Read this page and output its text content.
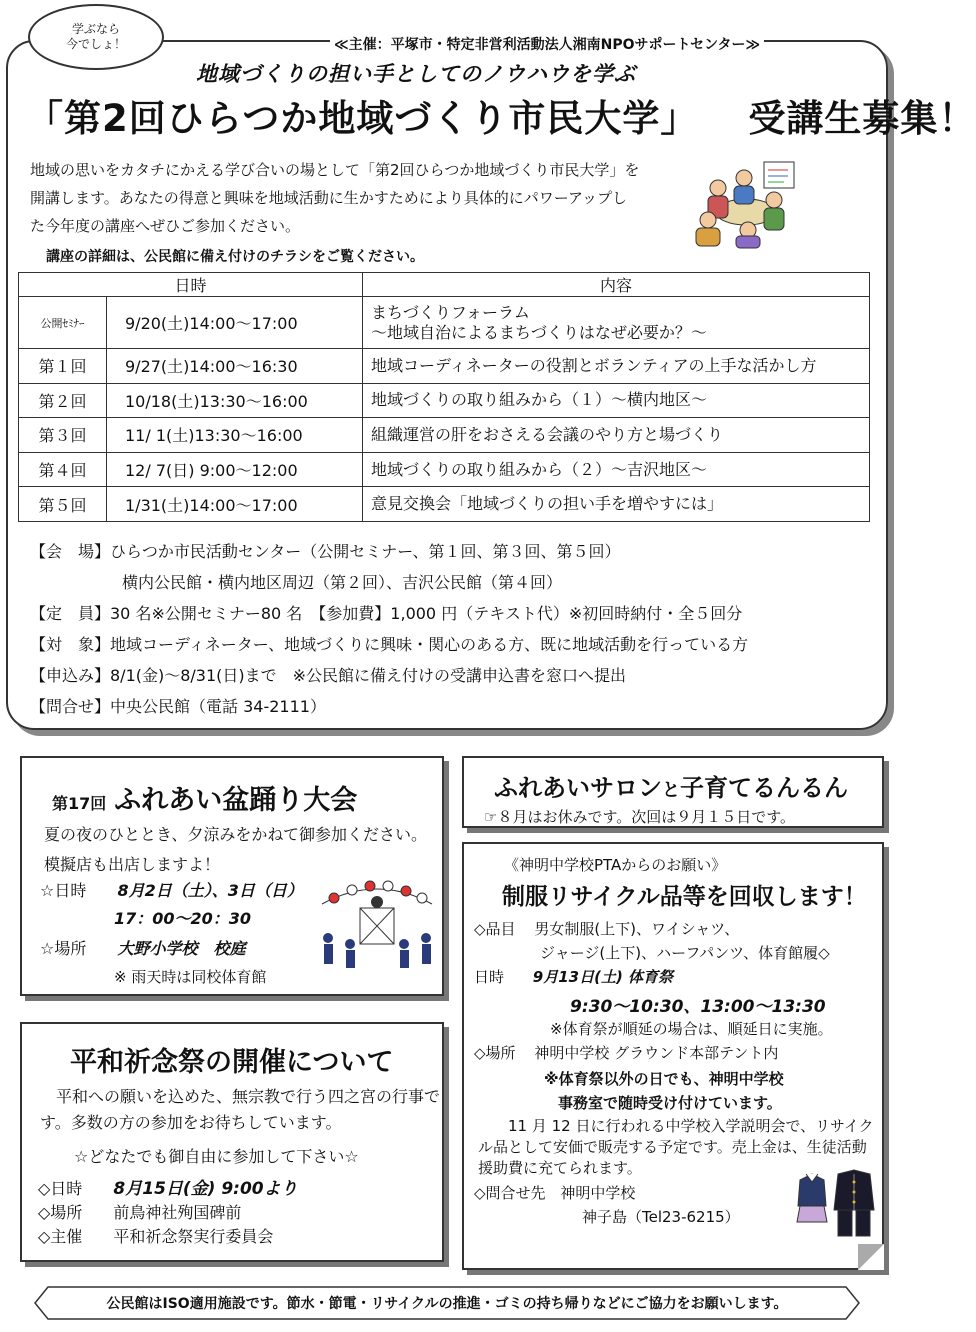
学ぶなら
今でしょ！	≪主催：平塚市・特定非営利活動法人湘南NPOサポートセンター≫
地域づくりの担い手としてのノウハウを学ぶ
「第2回ひらつか地域づくり市民大学」 受講生募集！
地域の思いをカタチにかえる学び合いの場として「第2回ひらつか地域づくり市民大学」を開講します。あなたの得意と興味を地域活動に生かすためにより具体的にパワーアップした今年度の講座へぜひご参加ください。
講座の詳細は、公民館に備え付けのチラシをご覧ください。
日時		内容
公開ｾﾐﾅｰ	9/20(土)14:00～17:00	まちづくりフォーラム
～地域自治によるまちづくりはなぜ必要か？～

第１回	9/27(土)14:00～16:30	地域コーディネーターの役割とボランティアの上手な活かし方
第２回	10/18(土)13:30～16:00	地域づくりの取り組みから（１）～横内地区～
第３回	11/ 1(土)13:30～16:00	組織運営の肝をおさえる会議のやり方と場づくり
第４回	12/ 7(日) 9:00～12:00	地域づくりの取り組みから（２）～吉沢地区～
第５回	1/31(土)14:00～17:00	意見交換会「地域づくりの担い手を増やすには」
【会　場】ひらつか市民活動センター（公開セミナー、第１回、第３回、第５回）
横内公民館・横内地区周辺（第２回）、吉沢公民館（第４回）
【定　員】30 名※公開セミナー80 名　【参加費】1,000 円（テキスト代）※初回時納付・全５回分
【対　象】地域コーディネーター、地域づくりに興味・関心のある方、既に地域活動を行っている方
【申込み】8/1(金)～8/31(日)まで　※公民館に備え付けの受講申込書を窓口へ提出
【問合せ】中央公民館（電話 34-2111）
第17回 ふれあい盆踊り大会
夏の夜のひととき、夕涼みをかねて御参加ください。模擬店も出店しますよ！
☆日時 8月2日（土）、3日（日）
17：00～20：30
☆場所 大野小学校　校庭
※ 雨天時は同校体育館
ふれあいサロンと子育てるんるん
☞８月はお休みです。次回は９月１５日です。
《神明中学校PTAからのお願い》
制服リサイクル品等を回収します！
◇品目 男女制服(上下)、ワイシャツ、
ジャージ(上下)、ハーフパンツ、体育館履◇
日時 9月13日(土) 体育祭
9:30～10:30、13:00～13:30
※体育祭が順延の場合は、順延日に実施。
◇場所 神明中学校 グラウンド本部テント内
※体育祭以外の日でも、神明中学校
事務室で随時受け付けています。
11 月 12 日に行われる中学校入学説明会で、リサイクル品として安価で販売する予定です。売上金は、生徒活動援助費に充てられます。
◇問合せ先 神明中学校
神子島（Tel23-6215）
平和祈念祭の開催について
平和への願いを込めた、無宗教で行う四之宮の行事です。多数の方の参加をお待ちしています。
☆どなたでも御自由に参加して下さい☆
◇日時 8月15日(金) 9:00より
◇場所 前鳥神社殉国碑前
◇主催 平和祈念祭実行委員会
公民館はISO適用施設です。節水・節電・リサイクルの推進・ゴミの持ち帰りなどにご協力をお願いします。
